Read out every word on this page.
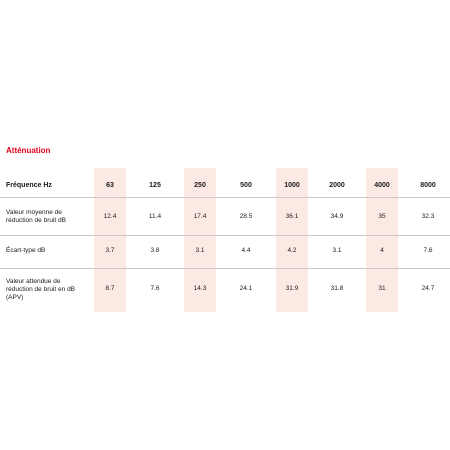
Atténuation
Fréquence Hz	63	125	250	500	1000	2000	4000	8000
Valeur moyenne de
réduction de bruit dB
12.4	11.4	17.4	28.5	36.1	34.9	35	32.3
Écart-type dB	3.7	3.8	3.1	4.4	4.2	3.1	4	7.6
Valeur attendue de
réduction de bruit en dB
(APV)
8.7	7.6	14.3	24.1	31.9	31.8	31	24.7
